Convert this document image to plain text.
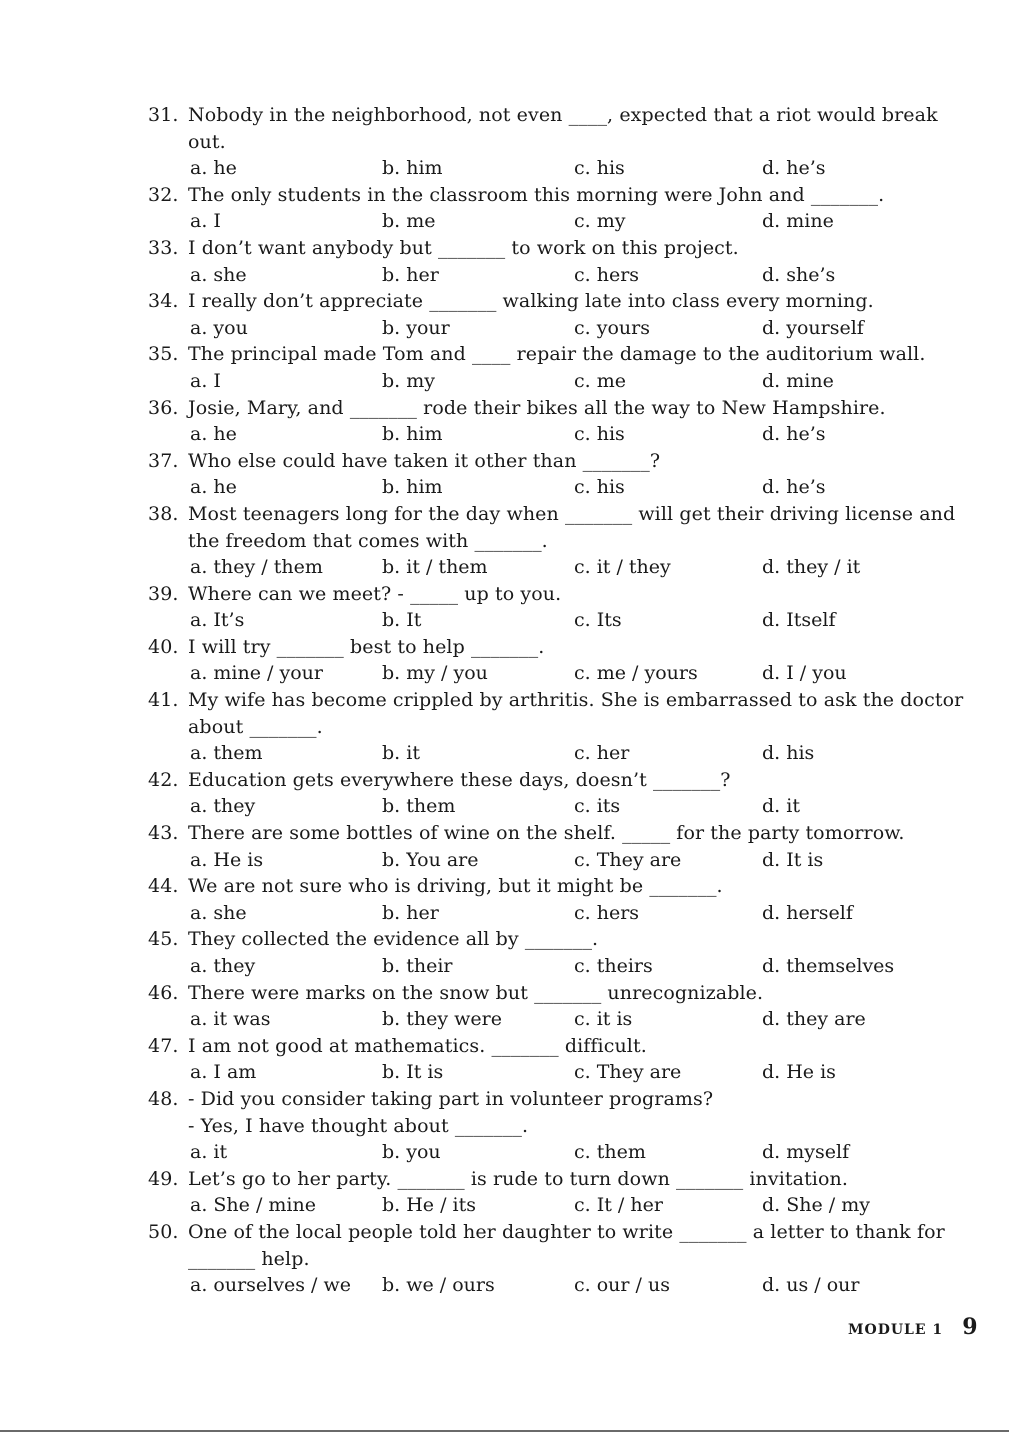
31. Nobody in the neighborhood, not even ____, expected that a riot would break out.
a. he	b. him	c. his	d. he’s
32. The only students in the classroom this morning were John and _______.
a. I	b. me	c. my	d. mine
33. I don’t want anybody but _______ to work on this project.
a. she	b. her	c. hers	d. she’s
34. I really don’t appreciate _______ walking late into class every morning.
a. you	b. your	c. yours	d. yourself
35. The principal made Tom and ____ repair the damage to the auditorium wall.
a. I	b. my	c. me	d. mine
36. Josie, Mary, and _______ rode their bikes all the way to New Hampshire.
a. he	b. him	c. his	d. he’s
37. Who else could have taken it other than _______?
a. he	b. him	c. his	d. he’s
38. Most teenagers long for the day when _______ will get their driving license and the freedom that comes with _______.
a. they / them	b. it / them	c. it / they	d. they / it
39. Where can we meet? - _____ up to you.
a. It’s	b. It	c. Its	d. Itself
40. I will try _______ best to help _______.
a. mine / your	b. my / you	c. me / yours	d. I / you
41. My wife has become crippled by arthritis. She is embarrassed to ask the doctor about _______.
a. them	b. it	c. her	d. his
42. Education gets everywhere these days, doesn’t _______?
a. they	b. them	c. its	d. it
43. There are some bottles of wine on the shelf. _____ for the party tomorrow.
a. He is	b. You are	c. They are	d. It is
44. We are not sure who is driving, but it might be _______.
a. she	b. her	c. hers	d. herself
45. They collected the evidence all by _______.
a. they	b. their	c. theirs	d. themselves
46. There were marks on the snow but _______ unrecognizable.
a. it was	b. they were	c. it is	d. they are
47. I am not good at mathematics. _______ difficult.
a. I am	b. It is	c. They are	d. He is
48. - Did you consider taking part in volunteer programs?
- Yes, I have thought about _______.
a. it	b. you	c. them	d. myself
49. Let’s go to her party. _______ is rude to turn down _______ invitation.
a. She / mine	b. He / its	c. It / her	d. She / my
50. One of the local people told her daughter to write _______ a letter to thank for _______ help.
a. ourselves / we	b. we / ours	c. our / us	d. us / our
MODULE 1 9
